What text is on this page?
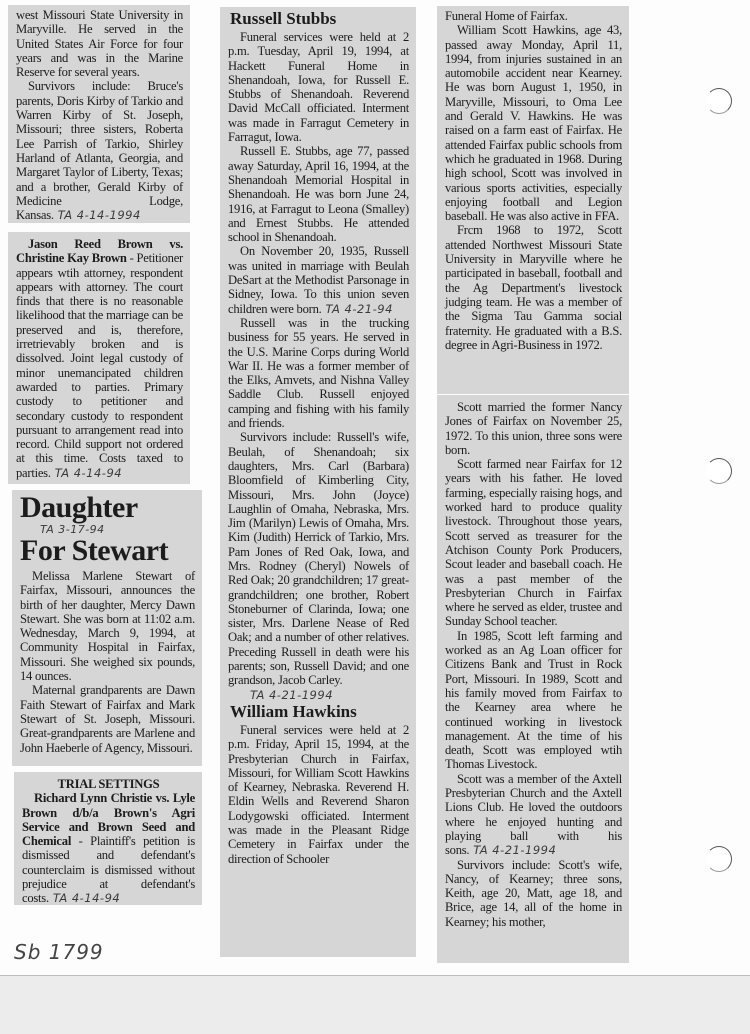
west Missouri State University in Maryville. He served in the United States Air Force for four years and was in the Marine Reserve for several years.

Survivors include: Bruce's parents, Doris Kirby of Tarkio and Warren Kirby of St. Joseph, Missouri; three sisters, Roberta Lee Parrish of Tarkio, Shirley Harland of Atlanta, Georgia, and Margaret Taylor of Liberty, Texas; and a brother, Gerald Kirby of Medicine Lodge, Kansas. TA 4-14-1994

Jason Reed Brown vs. Christine Kay Brown - Petitioner appears wtih attorney, respondent appears with attorney. The court finds that there is no reasonable likelihood that the marriage can be preserved and is, therefore, irretrievably broken and is dissolved. Joint legal custody of minor unemancipated children awarded to parties. Primary custody to petitioner and secondary custody to respondent pursuant to arrangement read into record. Child support not ordered at this time. Costs taxed to parties. TA 4-14-94

Daughter
TA 3-17-94
For Stewart

Melissa Marlene Stewart of Fairfax, Missouri, announces the birth of her daughter, Mercy Dawn Stewart. She was born at 11:02 a.m. Wednesday, March 9, 1994, at Community Hospital in Fairfax, Missouri. She weighed six pounds, 14 ounces.

Maternal grandparents are Dawn Faith Stewart of Fairfax and Mark Stewart of St. Joseph, Missouri. Great-grandparents are Marlene and John Haeberle of Agency, Missouri.

TRIAL SETTINGS

Richard Lynn Christie vs. Lyle Brown d/b/a Brown's Agri Service and Brown Seed and Chemical - Plaintiff's petition is dismissed and defendant's counterclaim is dismissed without prejudice at defendant's costs. TA 4-14-94

Sb 1799
Russell Stubbs

Funeral services were held at 2 p.m. Tuesday, April 19, 1994, at Hackett Funeral Home in Shenandoah, Iowa, for Russell E. Stubbs of Shenandoah. Reverend David McCall officiated. Interment was made in Farragut Cemetery in Farragut, Iowa.

Russell E. Stubbs, age 77, passed away Saturday, April 16, 1994, at the Shenandoah Memorial Hospital in Shenandoah. He was born June 24, 1916, at Farragut to Leona (Smalley) and Ernest Stubbs. He attended school in Shenandoah.

On November 20, 1935, Russell was united in marriage with Beulah DeSart at the Methodist Parsonage in Sidney, Iowa. To this union seven children were born. TA 4-21-94

Russell was in the trucking business for 55 years. He served in the U.S. Marine Corps during World War II. He was a former member of the Elks, Amvets, and Nishna Valley Saddle Club. Russell enjoyed camping and fishing with his family and friends.

Survivors include: Russell's wife, Beulah, of Shenandoah; six daughters, Mrs. Carl (Barbara) Bloomfield of Kimberling City, Missouri, Mrs. John (Joyce) Laughlin of Omaha, Nebraska, Mrs. Jim (Marilyn) Lewis of Omaha, Mrs. Kim (Judith) Herrick of Tarkio, Mrs. Pam Jones of Red Oak, Iowa, and Mrs. Rodney (Cheryl) Nowels of Red Oak; 20 grandchildren; 17 great-grandchildren; one brother, Robert Stoneburner of Clarinda, Iowa; one sister, Mrs. Darlene Nease of Red Oak; and a number of other relatives. Preceding Russell in death were his parents; son, Russell David; and one grandson, Jacob Carley.

TA 4-21-1994
William Hawkins

Funeral services were held at 2 p.m. Friday, April 15, 1994, at the Presbyterian Church in Fairfax, Missouri, for William Scott Hawkins of Kearney, Nebraska. Reverend H. Eldin Wells and Reverend Sharon Lodygowski officiated. Interment was made in the Pleasant Ridge Cemetery in Fairfax under the direction of Schooler

Funeral Home of Fairfax.

William Scott Hawkins, age 43, passed away Monday, April 11, 1994, from injuries sustained in an automobile accident near Kearney. He was born August 1, 1950, in Maryville, Missouri, to Oma Lee and Gerald V. Hawkins. He was raised on a farm east of Fairfax. He attended Fairfax public schools from which he graduated in 1968. During high school, Scott was involved in various sports activities, especially enjoying football and Legion baseball. He was also active in FFA.

Frcm 1968 to 1972, Scott attended Northwest Missouri State University in Maryville where he participated in baseball, football and the Ag Department's livestock judging team. He was a member of the Sigma Tau Gamma social fraternity. He graduated with a B.S. degree in Agri-Business in 1972.

Scott married the former Nancy Jones of Fairfax on November 25, 1972. To this union, three sons were born.

Scott farmed near Fairfax for 12 years with his father. He loved farming, especially raising hogs, and worked hard to produce quality livestock. Throughout those years, Scott served as treasurer for the Atchison County Pork Producers, Scout leader and baseball coach. He was a past member of the Presbyterian Church in Fairfax where he served as elder, trustee and Sunday School teacher.

In 1985, Scott left farming and worked as an Ag Loan officer for Citizens Bank and Trust in Rock Port, Missouri. In 1989, Scott and his family moved from Fairfax to the Kearney area where he continued working in livestock management. At the time of his death, Scott was employed wtih Thomas Livestock.

Scott was a member of the Axtell Presbyterian Church and the Axtell Lions Club. He loved the outdoors where he enjoyed hunting and playing ball with his sons. TA 4-21-1994

Survivors include: Scott's wife, Nancy, of Kearney; three sons, Keith, age 20, Matt, age 18, and Brice, age 14, all of the home in Kearney; his mother,
